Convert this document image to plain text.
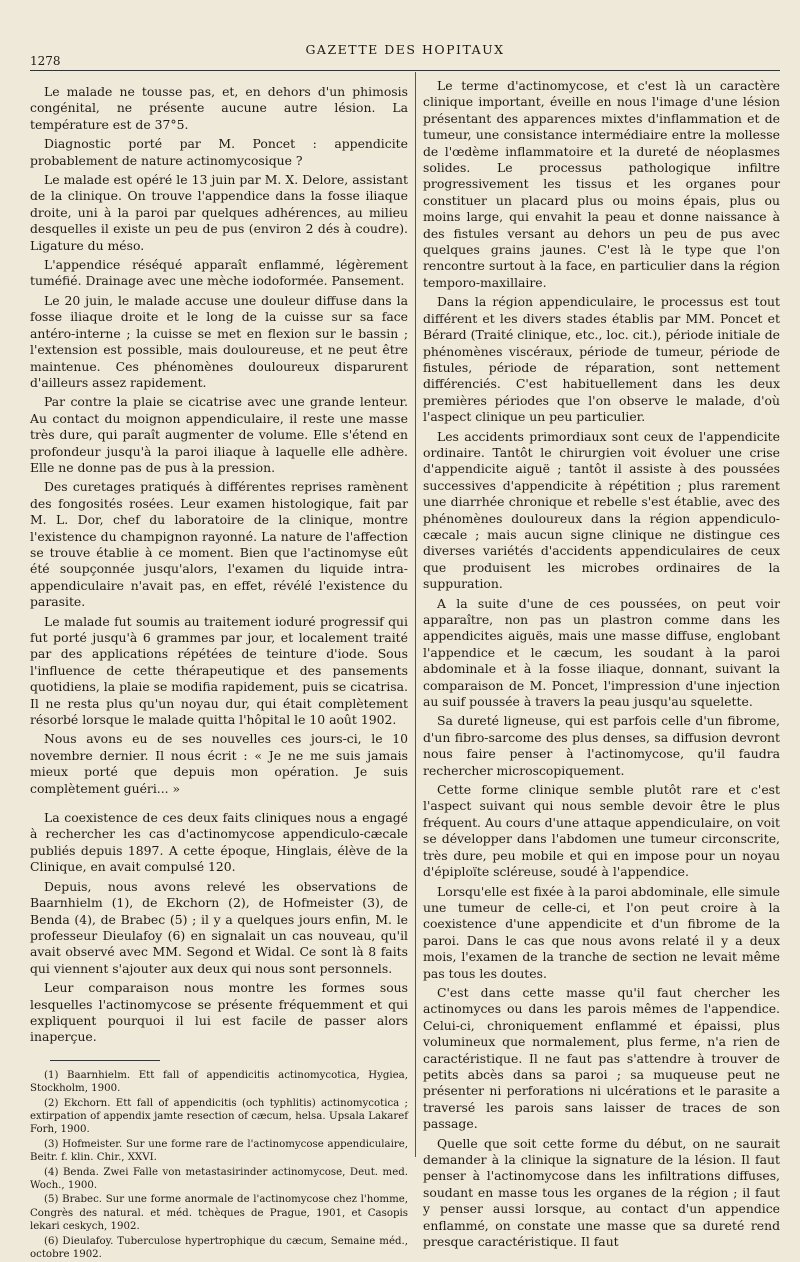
1278
GAZETTE DES HOPITAUX

Le malade ne tousse pas, et, en dehors d'un phimosis congénital, ne présente aucune autre lésion. La température est de 37°5.

Diagnostic porté par M. Poncet : appendicite probablement de nature actinomycosique ?

Le malade est opéré le 13 juin par M. X. Delore, assistant de la clinique. On trouve l'appendice dans la fosse iliaque droite, uni à la paroi par quelques adhérences, au milieu desquelles il existe un peu de pus (environ 2 dés à coudre). Ligature du méso.

L'appendice réséqué apparaît enflammé, légèrement tuméfié. Drainage avec une mèche iodoformée. Pansement.

Le 20 juin, le malade accuse une douleur diffuse dans la fosse iliaque droite et le long de la cuisse sur sa face antéro-interne ; la cuisse se met en flexion sur le bassin ; l'extension est possible, mais douloureuse, et ne peut être maintenue. Ces phénomènes douloureux disparurent d'ailleurs assez rapidement.

Par contre la plaie se cicatrise avec une grande lenteur. Au contact du moignon appendiculaire, il reste une masse très dure, qui paraît augmenter de volume. Elle s'étend en profondeur jusqu'à la paroi iliaque à laquelle elle adhère. Elle ne donne pas de pus à la pression.

Des curetages pratiqués à différentes reprises ramènent des fongosités rosées. Leur examen histologique, fait par M. L. Dor, chef du laboratoire de la clinique, montre l'existence du champignon rayonné. La nature de l'affection se trouve établie à ce moment. Bien que l'actinomyse eût été soupçonnée jusqu'alors, l'examen du liquide intra-appendiculaire n'avait pas, en effet, révélé l'existence du parasite.

Le malade fut soumis au traitement ioduré progressif qui fut porté jusqu'à 6 grammes par jour, et localement traité par des applications répétées de teinture d'iode. Sous l'influence de cette thérapeutique et des pansements quotidiens, la plaie se modifia rapidement, puis se cicatrisa. Il ne resta plus qu'un noyau dur, qui était complètement résorbé lorsque le malade quitta l'hôpital le 10 août 1902.

Nous avons eu de ses nouvelles ces jours-ci, le 10 novembre dernier. Il nous écrit : « Je ne me suis jamais mieux porté que depuis mon opération. Je suis complètement guéri... »

La coexistence de ces deux faits cliniques nous a engagé à rechercher les cas d'actinomycose appendiculo-cæcale publiés depuis 1897. A cette époque, Hinglais, élève de la Clinique, en avait compulsé 120.

Depuis, nous avons relevé les observations de Baarnhielm (1), de Ekchorn (2), de Hofmeister (3), de Benda (4), de Brabec (5) ; il y a quelques jours enfin, M. le professeur Dieulafoy (6) en signalait un cas nouveau, qu'il avait observé avec MM. Segond et Widal. Ce sont là 8 faits qui viennent s'ajouter aux deux qui nous sont personnels.

Leur comparaison nous montre les formes sous lesquelles l'actinomycose se présente fréquemment et qui expliquent pourquoi il lui est facile de passer alors inaperçue.

(1) Baarnhielm. Ett fall of appendicitis actinomycotica, Hygiea, Stockholm, 1900.
(2) Ekchorn. Ett fall of appendicitis (och typhlitis) actinomycotica ; extirpation of appendix jamte resection of cæcum, helsa. Upsala Lakaref Forh, 1900.
(3) Hofmeister. Sur une forme rare de l'actinomycose appendiculaire, Beitr. f. klin. Chir., XXVI.
(4) Benda. Zwei Falle von metastasirinder actinomycose, Deut. med. Woch., 1900.
(5) Brabec. Sur une forme anormale de l'actinomycose chez l'homme, Congrès des natural. et méd. tchèques de Prague, 1901, et Casopis lekari ceskych, 1902.
(6) Dieulafoy. Tuberculose hypertrophique du cæcum, Semaine méd., octobre 1902.

Le terme d'actinomycose, et c'est là un caractère clinique important, éveille en nous l'image d'une lésion présentant des apparences mixtes d'inflammation et de tumeur, une consistance intermédiaire entre la mollesse de l'œdème inflammatoire et la dureté de néoplasmes solides. Le processus pathologique infiltre progressivement les tissus et les organes pour constituer un placard plus ou moins épais, plus ou moins large, qui envahit la peau et donne naissance à des fistules versant au dehors un peu de pus avec quelques grains jaunes. C'est là le type que l'on rencontre surtout à la face, en particulier dans la région temporo-maxillaire.

Dans la région appendiculaire, le processus est tout différent et les divers stades établis par MM. Poncet et Bérard (Traité clinique, etc., loc. cit.), période initiale de phénomènes viscéraux, période de tumeur, période de fistules, période de réparation, sont nettement différenciés. C'est habituellement dans les deux premières périodes que l'on observe le malade, d'où l'aspect clinique un peu particulier.

Les accidents primordiaux sont ceux de l'appendicite ordinaire. Tantôt le chirurgien voit évoluer une crise d'appendicite aiguë ; tantôt il assiste à des poussées successives d'appendicite à répétition ; plus rarement une diarrhée chronique et rebelle s'est établie, avec des phénomènes douloureux dans la région appendiculo-cæcale ; mais aucun signe clinique ne distingue ces diverses variétés d'accidents appendiculaires de ceux que produisent les microbes ordinaires de la suppuration.

A la suite d'une de ces poussées, on peut voir apparaître, non pas un plastron comme dans les appendicites aiguës, mais une masse diffuse, englobant l'appendice et le cæcum, les soudant à la paroi abdominale et à la fosse iliaque, donnant, suivant la comparaison de M. Poncet, l'impression d'une injection au suif poussée à travers la peau jusqu'au squelette.

Sa dureté ligneuse, qui est parfois celle d'un fibrome, d'un fibro-sarcome des plus denses, sa diffusion devront nous faire penser à l'actinomycose, qu'il faudra rechercher microscopiquement.

Cette forme clinique semble plutôt rare et c'est l'aspect suivant qui nous semble devoir être le plus fréquent. Au cours d'une attaque appendiculaire, on voit se développer dans l'abdomen une tumeur circonscrite, très dure, peu mobile et qui en impose pour un noyau d'épiploïte scléreuse, soudé à l'appendice.

Lorsqu'elle est fixée à la paroi abdominale, elle simule une tumeur de celle-ci, et l'on peut croire à la coexistence d'une appendicite et d'un fibrome de la paroi. Dans le cas que nous avons relaté il y a deux mois, l'examen de la tranche de section ne levait même pas tous les doutes.

C'est dans cette masse qu'il faut chercher les actinomyces ou dans les parois mêmes de l'appendice. Celui-ci, chroniquement enflammé et épaissi, plus volumineux que normalement, plus ferme, n'a rien de caractéristique. Il ne faut pas s'attendre à trouver de petits abcès dans sa paroi ; sa muqueuse peut ne présenter ni perforations ni ulcérations et le parasite a traversé les parois sans laisser de traces de son passage.

Quelle que soit cette forme du début, on ne saurait demander à la clinique la signature de la lésion. Il faut penser à l'actinomycose dans les infiltrations diffuses, soudant en masse tous les organes de la région ; il faut y penser aussi lorsque, au contact d'un appendice enflammé, on constate une masse que sa dureté rend presque caractéristique. Il faut
